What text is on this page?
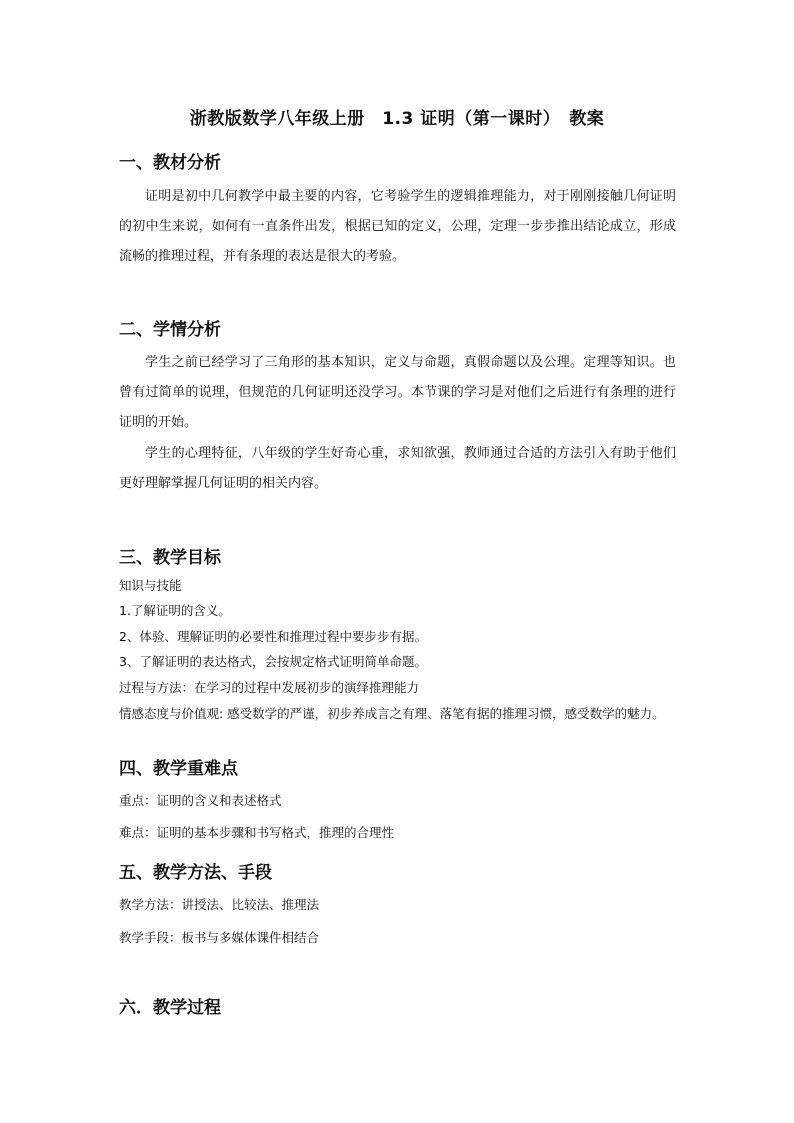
浙教版数学八年级上册　1.3 证明（第一课时）　教案
一、教材分析
证明是初中几何教学中最主要的内容，它考验学生的逻辑推理能力，对于刚刚接触几何证明的初中生来说，如何有一直条件出发，根据已知的定义，公理，定理一步步推出结论成立，形成流畅的推理过程，并有条理的表达是很大的考验。
二、学情分析
学生之前已经学习了三角形的基本知识，定义与命题，真假命题以及公理。定理等知识。也曾有过简单的说理，但规范的几何证明还没学习。本节课的学习是对他们之后进行有条理的进行证明的开始。
学生的心理特征，八年级的学生好奇心重，求知欲强，教师通过合适的方法引入有助于他们更好理解掌握几何证明的相关内容。
三、教学目标
知识与技能
1.了解证明的含义。
2、体验、理解证明的必要性和推理过程中要步步有据。
3、了解证明的表达格式，会按规定格式证明简单命题。
过程与方法：在学习的过程中发展初步的演绎推理能力
情感态度与价值观: 感受数学的严谨，初步养成言之有理、落笔有据的推理习惯，感受数学的魅力。
四、教学重难点
重点：证明的含义和表述格式
难点：证明的基本步骤和书写格式，推理的合理性
五、教学方法、手段
教学方法：讲授法、比较法、推理法
教学手段：板书与多媒体课件相结合
六．教学过程
